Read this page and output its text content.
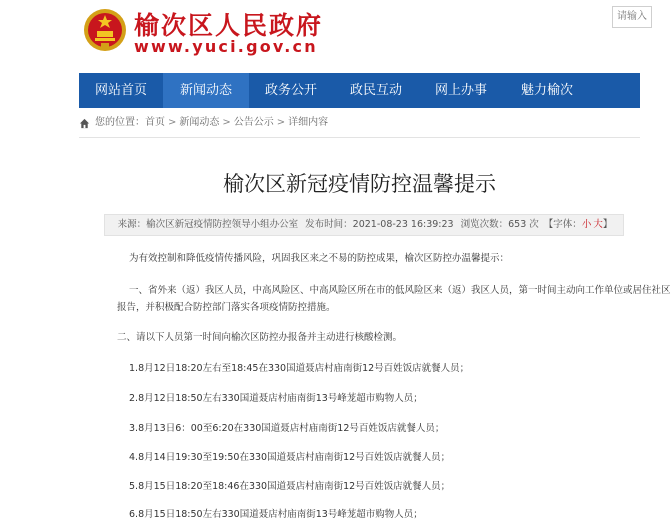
榆次区人民政府
www.yuci.gov.cn
请输入
网站首页	新闻动态	政务公开	政民互动	网上办事	魅力榆次
您的位置： 首页 > 新闻动态 > 公告公示 > 详细内容
榆次区新冠疫情防控温馨提示
来源：榆次区新冠疫情防控领导小组办公室 发布时间：2021-08-23 16:39:23 浏览次数：653 次 【字体：小 大】

为有效控制和降低疫情传播风险，巩固我区来之不易的防控成果，榆次区防控办温馨提示：

一、省外来（返）我区人员，中高风险区、中高风险区所在市的低风险区来（返）我区人员，第一时间主动向工作单位或居住社区

报告，并积极配合防控部门落实各项疫情防控措施。

二、请以下人员第一时间向榆次区防控办报备并主动进行核酸检测。

1.8月12日18:20左右至18:45在330国道聂店村庙南街12号百姓饭店就餐人员；

2.8月12日18:50左右330国道聂店村庙南街13号峰茏超市购物人员；

3.8月13日6：00至6:20在330国道聂店村庙南街12号百姓饭店就餐人员；

4.8月14日19:30至19:50在330国道聂店村庙南街12号百姓饭店就餐人员；

5.8月15日18:20至18:46在330国道聂店村庙南街12号百姓饭店就餐人员；

6.8月15日18:50左右330国道聂店村庙南街13号峰茏超市购物人员；
